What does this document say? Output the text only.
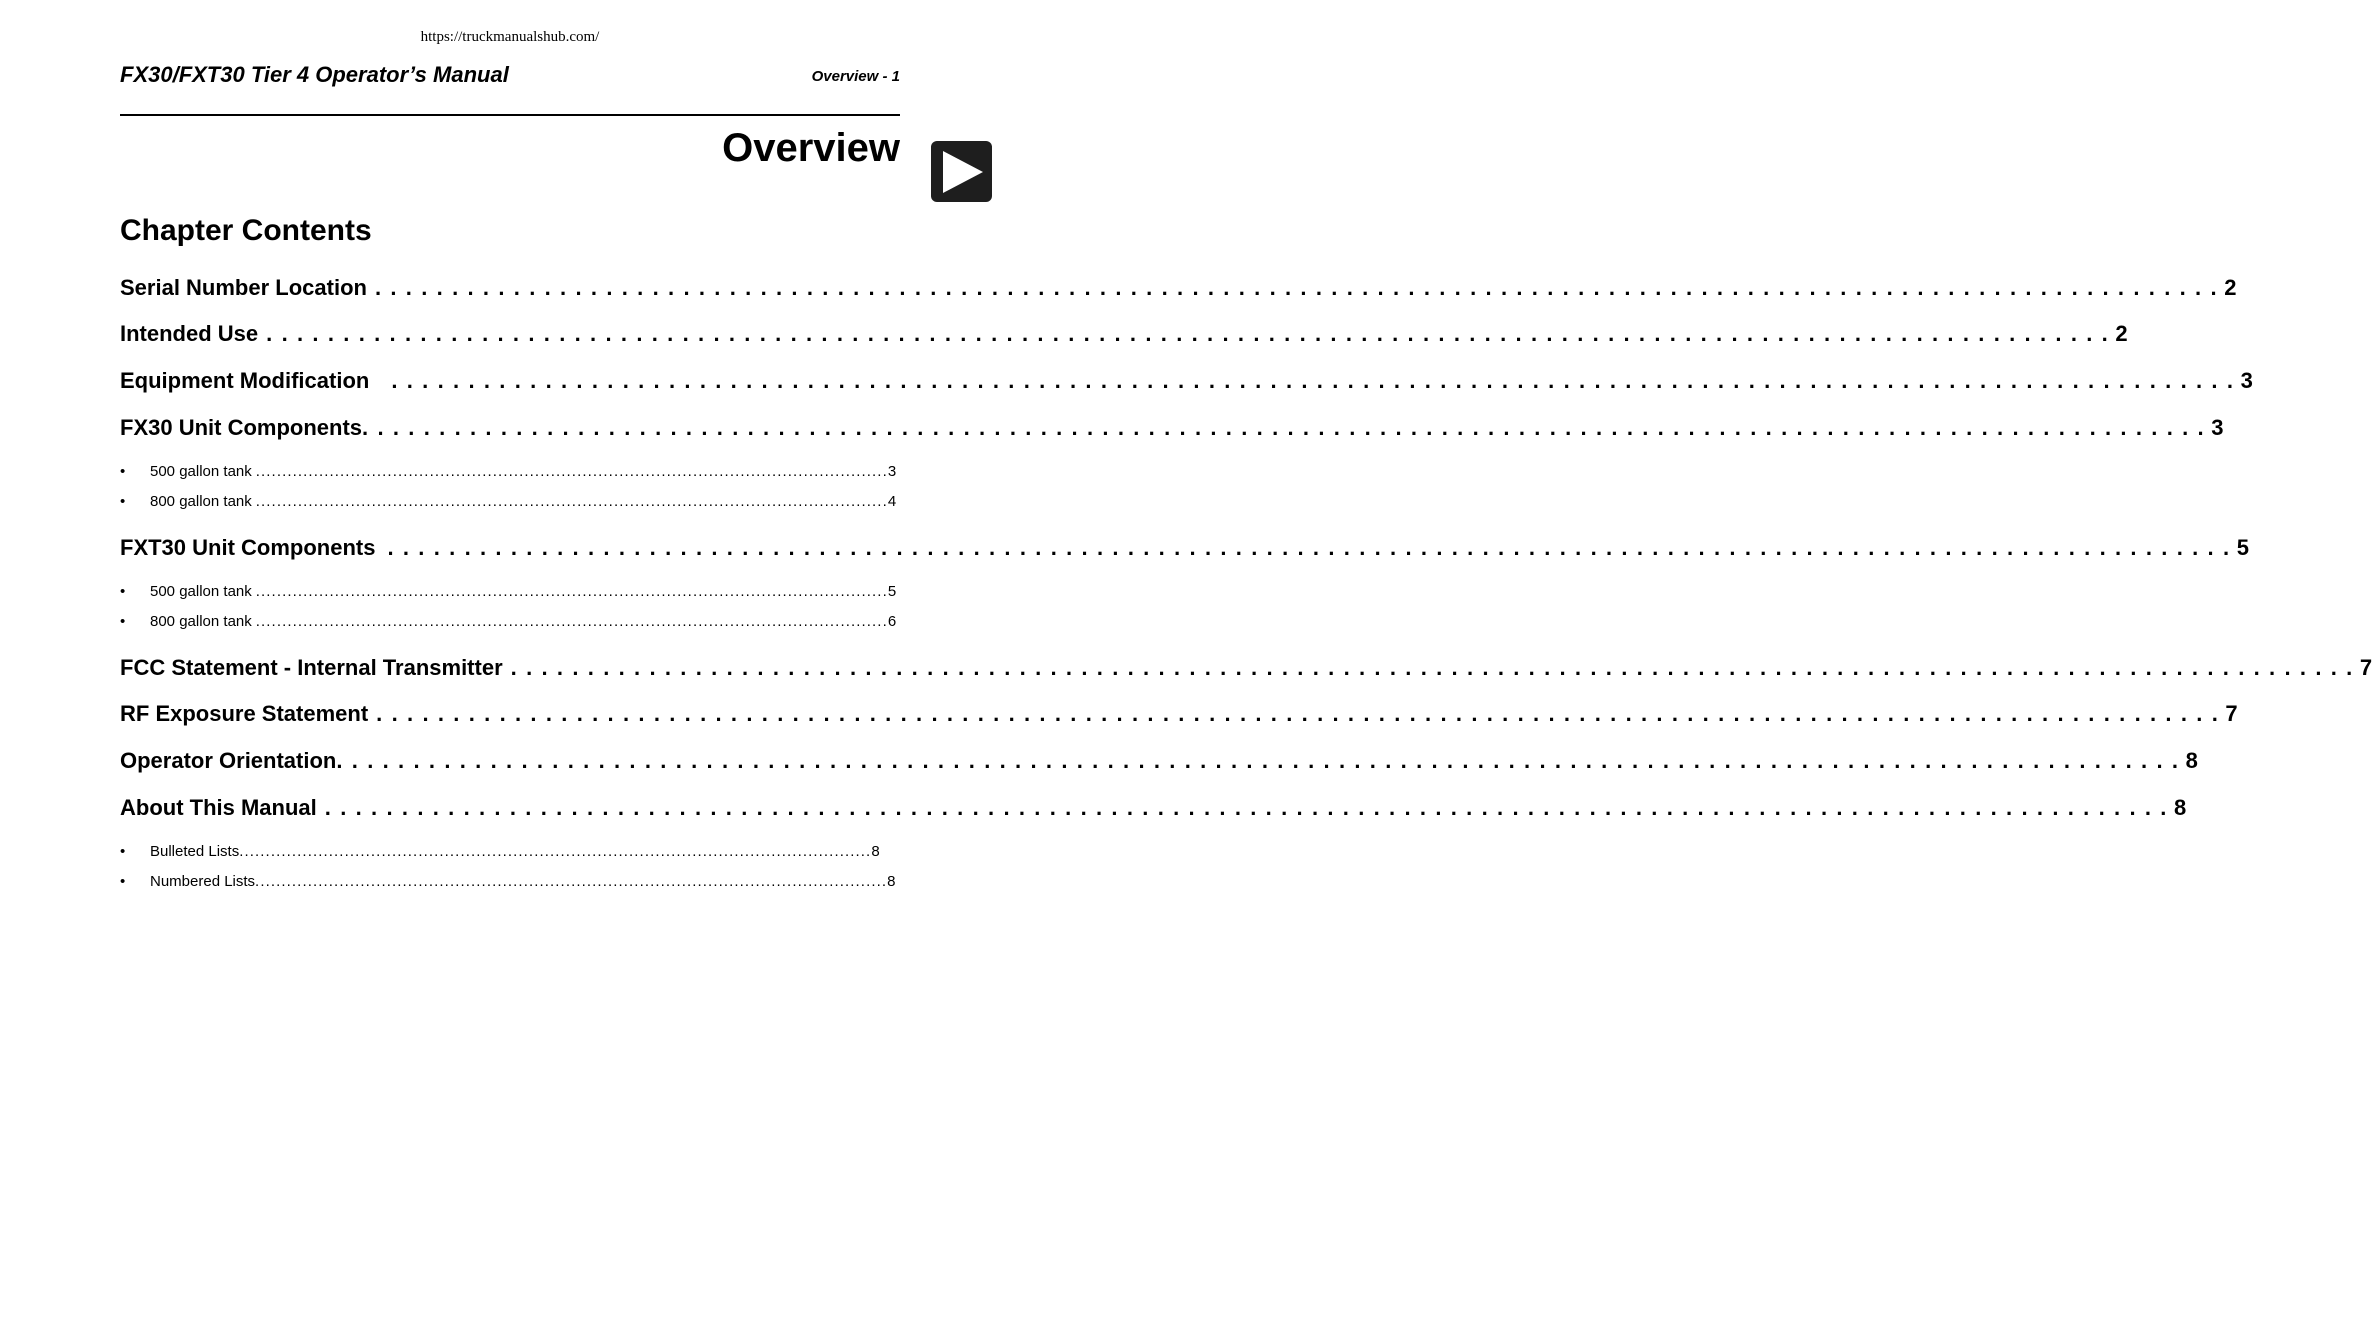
https://truckmanualshub.com/
FX30/FXT30 Tier 4 Operator’s Manual	Overview - 1
Overview
Chapter Contents
Serial Number Location . . . . . . . . . . . . . . . . . . . . . . . . . . . . . . . . . . . . . . . . . . . . . . . . . . . . . . . . . . . . . . . . . . . . . . . . . . . . . . . . . . . . . . . . . . . . . . . . . . . . . . . . . . . . . . . . . . . . . . . . 2
Intended Use . . . . . . . . . . . . . . . . . . . . . . . . . . . . . . . . . . . . . . . . . . . . . . . . . . . . . . . . . . . . . . . . . . . . . . . . . . . . . . . . . . . . . . . . . . . . . . . . . . . . . . . . . . . . . . . . . . . . . . . . 2
Equipment Modification . . . . . . . . . . . . . . . . . . . . . . . . . . . . . . . . . . . . . . . . . . . . . . . . . . . . . . . . . . . . . . . . . . . . . . . . . . . . . . . . . . . . . . . . . . . . . . . . . . . . . . . . . . . . . . . . . . . . . . . . 3
FX30 Unit Components . . . . . . . . . . . . . . . . . . . . . . . . . . . . . . . . . . . . . . . . . . . . . . . . . . . . . . . . . . . . . . . . . . . . . . . . . . . . . . . . . . . . . . . . . . . . . . . . . . . . . . . . . . . . . . . . . . . . . . . . 3
•	500 gallon tank ........................................................................................................................ 3
•	800 gallon tank ........................................................................................................................ 4
FXT30 Unit Components . . . . . . . . . . . . . . . . . . . . . . . . . . . . . . . . . . . . . . . . . . . . . . . . . . . . . . . . . . . . . . . . . . . . . . . . . . . . . . . . . . . . . . . . . . . . . . . . . . . . . . . . . . . . . . . . . . . . . . . . 5
•	500 gallon tank ........................................................................................................................ 5
•	800 gallon tank ........................................................................................................................ 6
FCC Statement - Internal Transmitter . . . . . . . . . . . . . . . . . . . . . . . . . . . . . . . . . . . . . . . . . . . . . . . . . . . . . . . . . . . . . . . . . . . . . . . . . . . . . . . . . . . . . . . . . . . . . . . . . . . . . . . . . . . . . . . . . . . . . . . . 7
RF Exposure Statement . . . . . . . . . . . . . . . . . . . . . . . . . . . . . . . . . . . . . . . . . . . . . . . . . . . . . . . . . . . . . . . . . . . . . . . . . . . . . . . . . . . . . . . . . . . . . . . . . . . . . . . . . . . . . . . . . . . . . . . . 7
Operator Orientation . . . . . . . . . . . . . . . . . . . . . . . . . . . . . . . . . . . . . . . . . . . . . . . . . . . . . . . . . . . . . . . . . . . . . . . . . . . . . . . . . . . . . . . . . . . . . . . . . . . . . . . . . . . . . . . . . . . . . . . . 8
About This Manual . . . . . . . . . . . . . . . . . . . . . . . . . . . . . . . . . . . . . . . . . . . . . . . . . . . . . . . . . . . . . . . . . . . . . . . . . . . . . . . . . . . . . . . . . . . . . . . . . . . . . . . . . . . . . . . . . . . . . . . . 8
•	Bulleted Lists ........................................................................................................................ 8
•	Numbered Lists ........................................................................................................................ 8
